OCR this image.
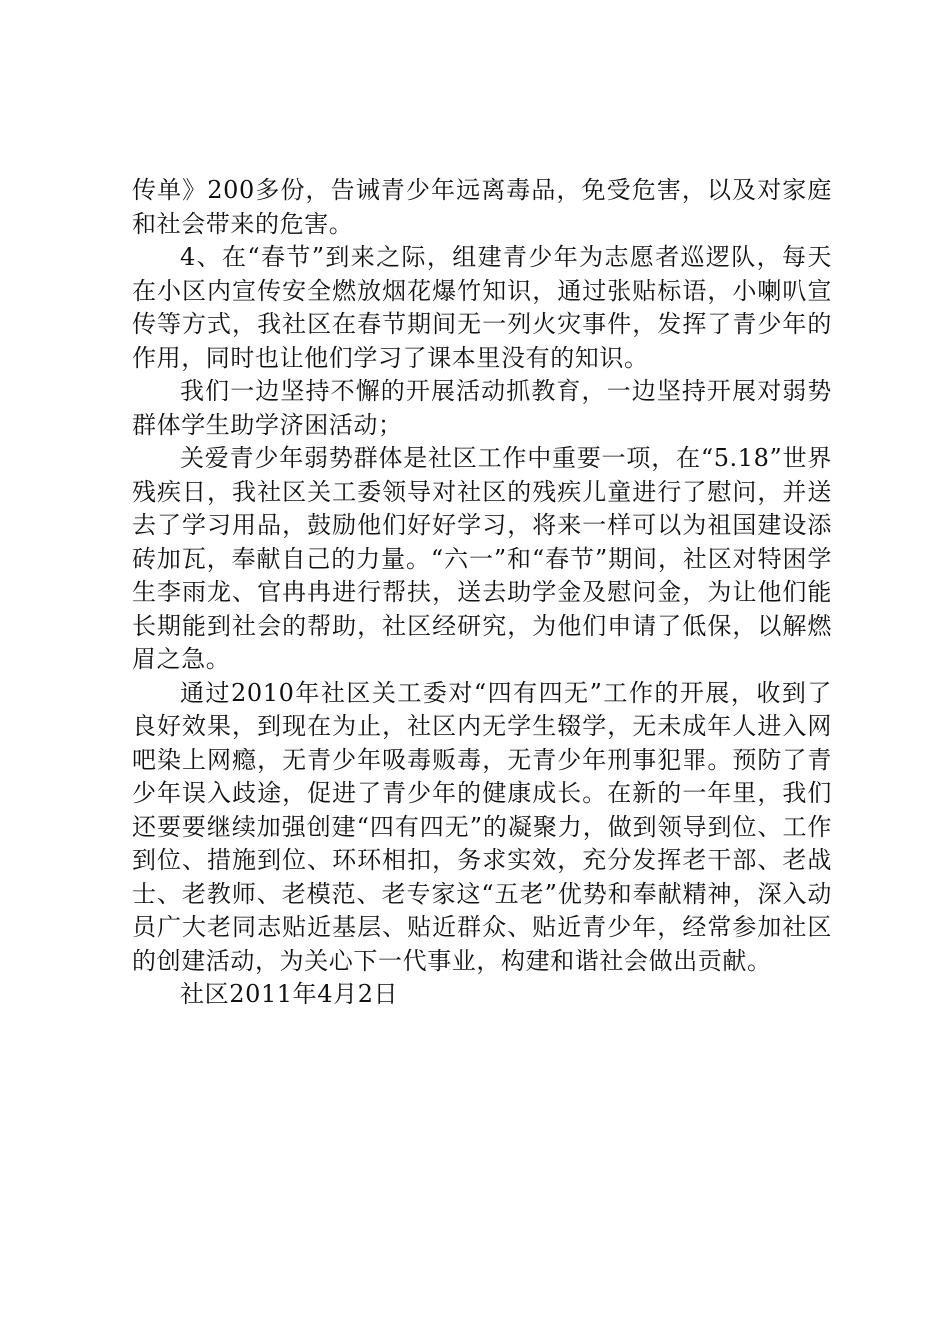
传单》200多份，告诫青少年远离毒品，免受危害，以及对家庭和社会带来的危害。

4、在“春节”到来之际，组建青少年为志愿者巡逻队，每天在小区内宣传安全燃放烟花爆竹知识，通过张贴标语，小喇叭宣传等方式，我社区在春节期间无一列火灾事件，发挥了青少年的作用，同时也让他们学习了课本里没有的知识。

我们一边坚持不懈的开展活动抓教育，一边坚持开展对弱势群体学生助学济困活动；

关爱青少年弱势群体是社区工作中重要一项，在“5.18”世界残疾日，我社区关工委领导对社区的残疾儿童进行了慰问，并送去了学习用品，鼓励他们好好学习，将来一样可以为祖国建设添砖加瓦，奉献自己的力量。“六一”和“春节”期间，社区对特困学生李雨龙、官冉冉进行帮扶，送去助学金及慰问金，为让他们能长期能到社会的帮助，社区经研究，为他们申请了低保，以解燃眉之急。

通过2010年社区关工委对“四有四无”工作的开展，收到了良好效果，到现在为止，社区内无学生辍学，无未成年人进入网吧染上网瘾，无青少年吸毒贩毒，无青少年刑事犯罪。预防了青少年误入歧途，促进了青少年的健康成长。在新的一年里，我们还要要继续加强创建“四有四无”的凝聚力，做到领导到位、工作到位、措施到位、环环相扣，务求实效，充分发挥老干部、老战士、老教师、老模范、老专家这“五老”优势和奉献精神，深入动员广大老同志贴近基层、贴近群众、贴近青少年，经常参加社区的创建活动，为关心下一代事业，构建和谐社会做出贡献。

社区2011年4月2日
